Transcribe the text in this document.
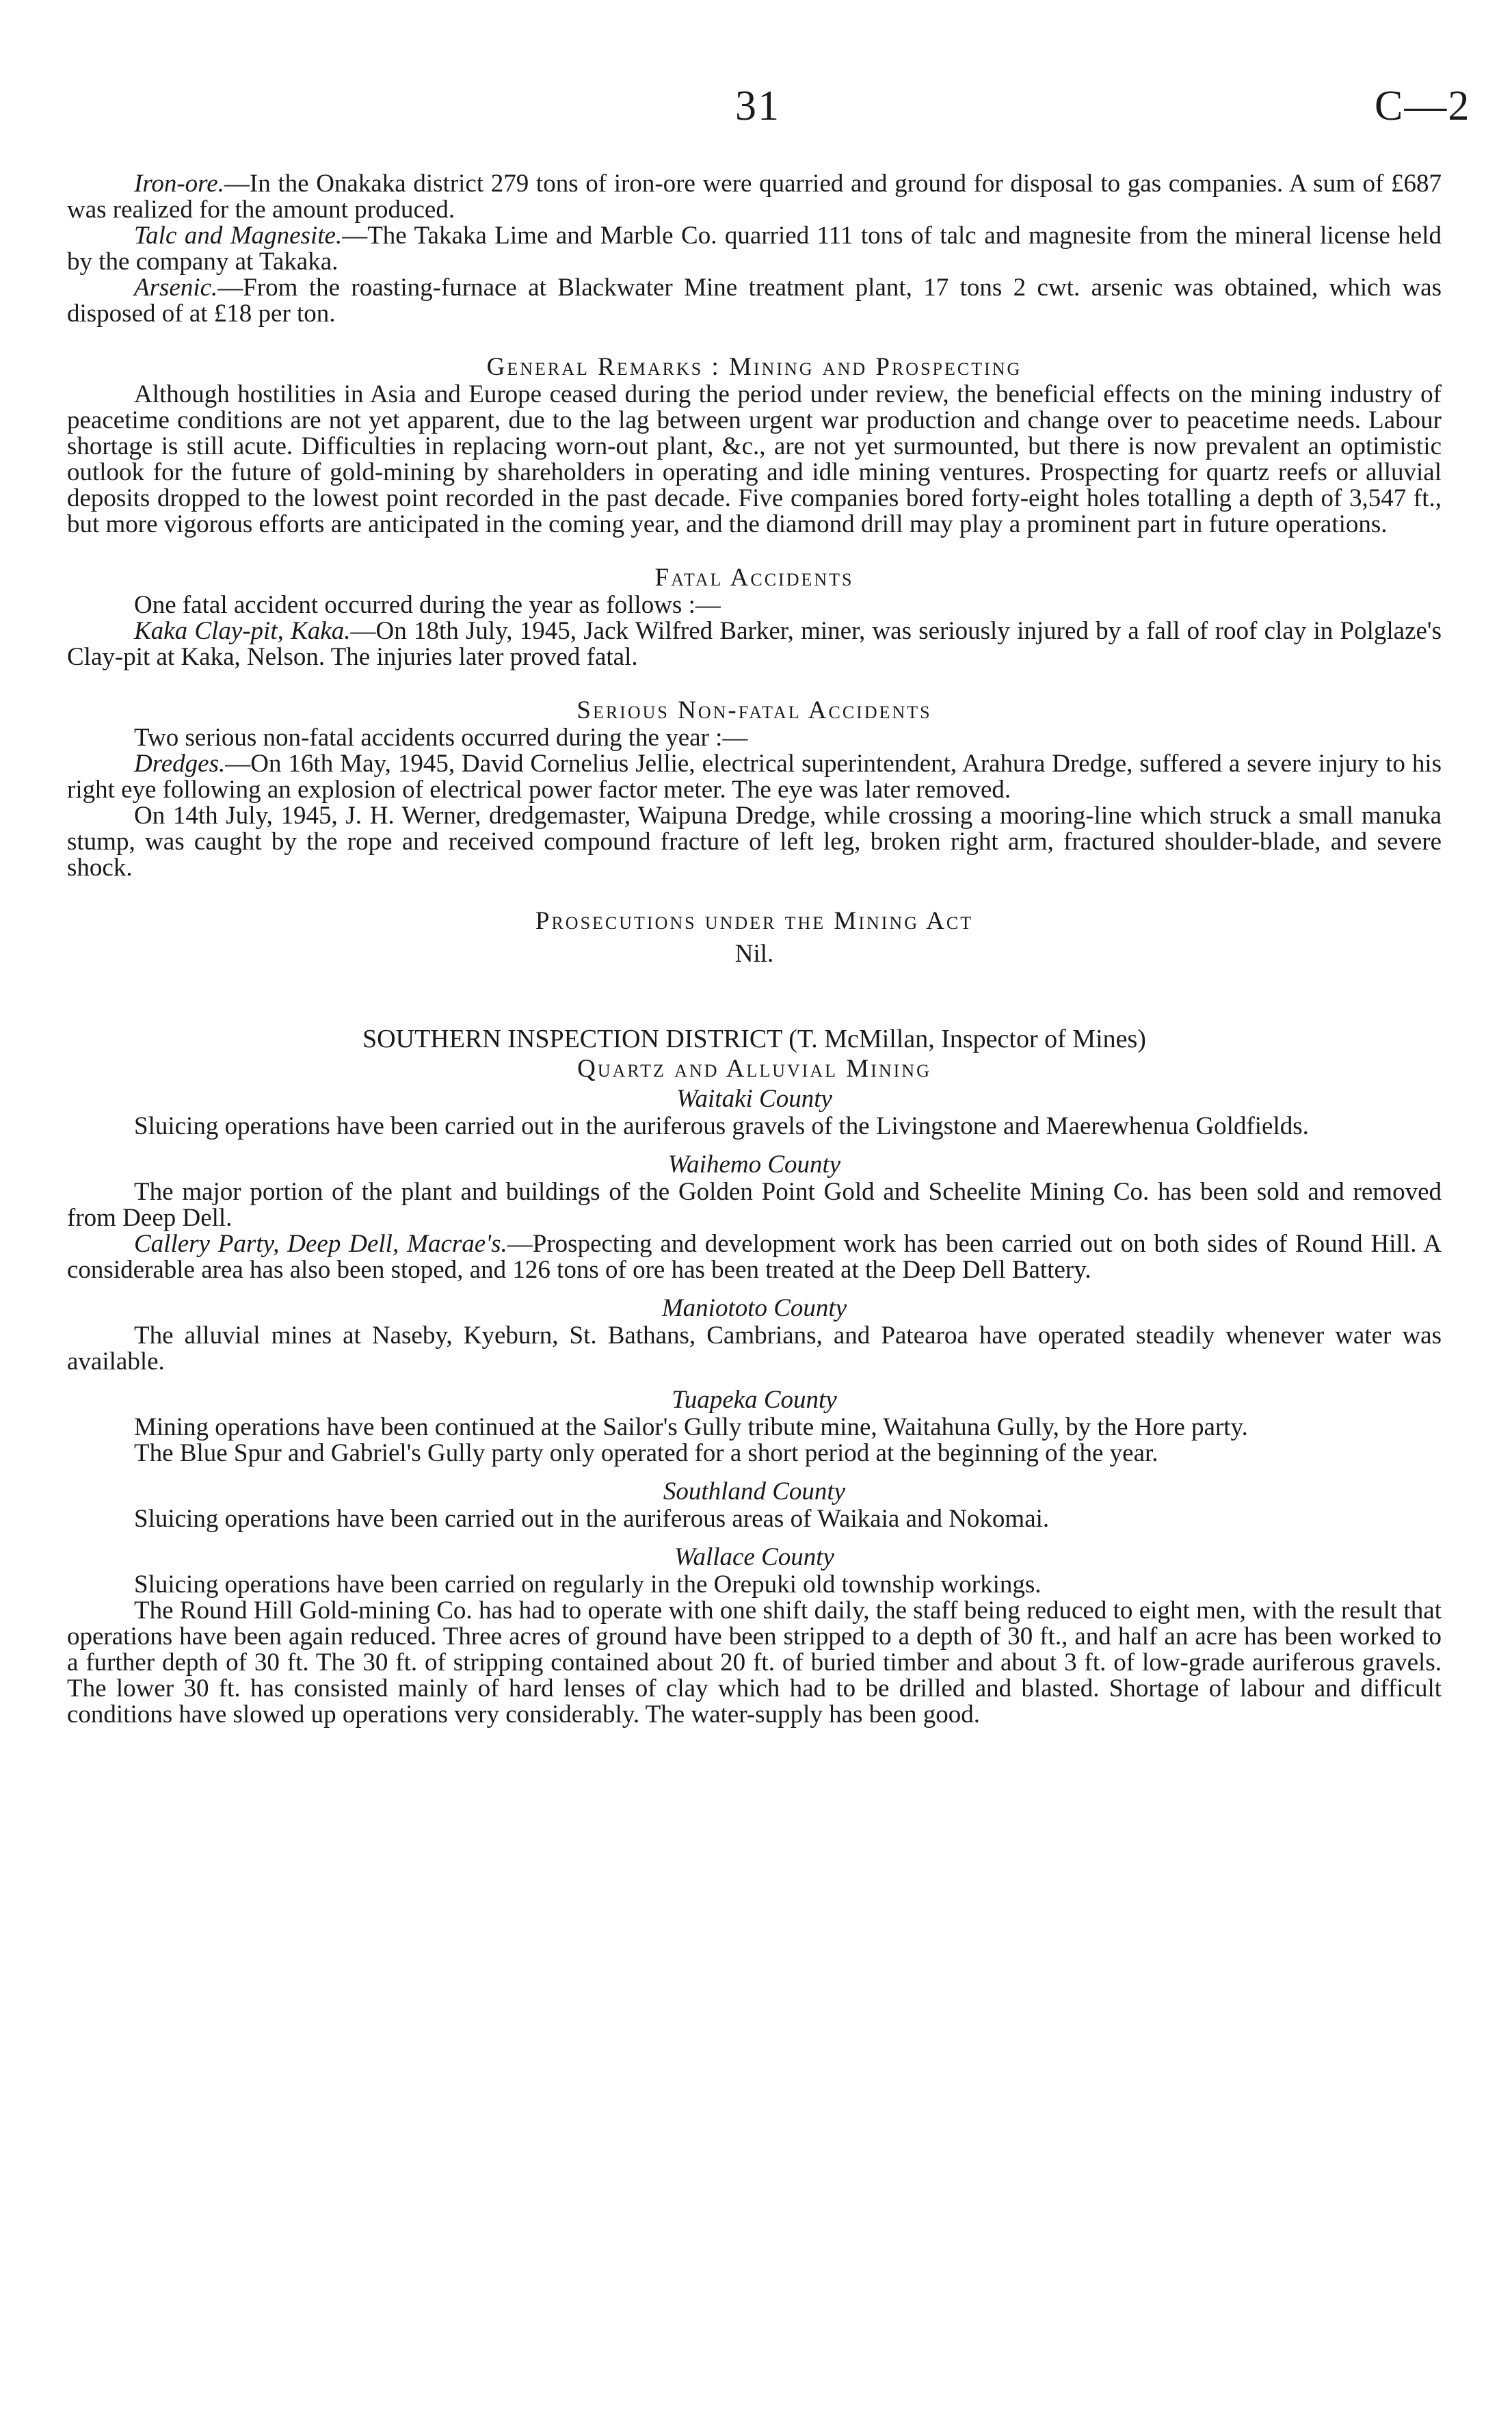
31	C—2

Iron-ore.—In the Onakaka district 279 tons of iron-ore were quarried and ground for disposal to gas companies. A sum of £687 was realized for the amount produced.

Talc and Magnesite.—The Takaka Lime and Marble Co. quarried 111 tons of talc and magnesite from the mineral license held by the company at Takaka.

Arsenic.—From the roasting-furnace at Blackwater Mine treatment plant, 17 tons 2 cwt. arsenic was obtained, which was disposed of at £18 per ton.

General Remarks : Mining and Prospecting

Although hostilities in Asia and Europe ceased during the period under review, the beneficial effects on the mining industry of peacetime conditions are not yet apparent, due to the lag between urgent war production and change over to peacetime needs. Labour shortage is still acute. Difficulties in replacing worn-out plant, &c., are not yet surmounted, but there is now prevalent an optimistic outlook for the future of gold-mining by shareholders in operating and idle mining ventures. Prospecting for quartz reefs or alluvial deposits dropped to the lowest point recorded in the past decade. Five companies bored forty-eight holes totalling a depth of 3,547 ft., but more vigorous efforts are anticipated in the coming year, and the diamond drill may play a prominent part in future operations.

Fatal Accidents

One fatal accident occurred during the year as follows :—

Kaka Clay-pit, Kaka.—On 18th July, 1945, Jack Wilfred Barker, miner, was seriously injured by a fall of roof clay in Polglaze's Clay-pit at Kaka, Nelson. The injuries later proved fatal.

Serious Non-fatal Accidents

Two serious non-fatal accidents occurred during the year :—

Dredges.—On 16th May, 1945, David Cornelius Jellie, electrical superintendent, Arahura Dredge, suffered a severe injury to his right eye following an explosion of electrical power factor meter. The eye was later removed.

On 14th July, 1945, J. H. Werner, dredgemaster, Waipuna Dredge, while crossing a mooring-line which struck a small manuka stump, was caught by the rope and received compound fracture of left leg, broken right arm, fractured shoulder-blade, and severe shock.

Prosecutions under the Mining Act
Nil.
SOUTHERN INSPECTION DISTRICT (T. McMillan, Inspector of Mines)
Quartz and Alluvial Mining
Waitaki County

Sluicing operations have been carried out in the auriferous gravels of the Livingstone and Maerewhenua Goldfields.

Waihemo County

The major portion of the plant and buildings of the Golden Point Gold and Scheelite Mining Co. has been sold and removed from Deep Dell.

Callery Party, Deep Dell, Macrae's.—Prospecting and development work has been carried out on both sides of Round Hill. A considerable area has also been stoped, and 126 tons of ore has been treated at the Deep Dell Battery.

Maniototo County

The alluvial mines at Naseby, Kyeburn, St. Bathans, Cambrians, and Patearoa have operated steadily whenever water was available.

Tuapeka County

Mining operations have been continued at the Sailor's Gully tribute mine, Waitahuna Gully, by the Hore party.

The Blue Spur and Gabriel's Gully party only operated for a short period at the beginning of the year.

Southland County

Sluicing operations have been carried out in the auriferous areas of Waikaia and Nokomai.

Wallace County

Sluicing operations have been carried on regularly in the Orepuki old township workings.

The Round Hill Gold-mining Co. has had to operate with one shift daily, the staff being reduced to eight men, with the result that operations have been again reduced. Three acres of ground have been stripped to a depth of 30 ft., and half an acre has been worked to a further depth of 30 ft. The 30 ft. of stripping contained about 20 ft. of buried timber and about 3 ft. of low-grade auriferous gravels. The lower 30 ft. has consisted mainly of hard lenses of clay which had to be drilled and blasted. Shortage of labour and difficult conditions have slowed up operations very considerably. The water-supply has been good.
